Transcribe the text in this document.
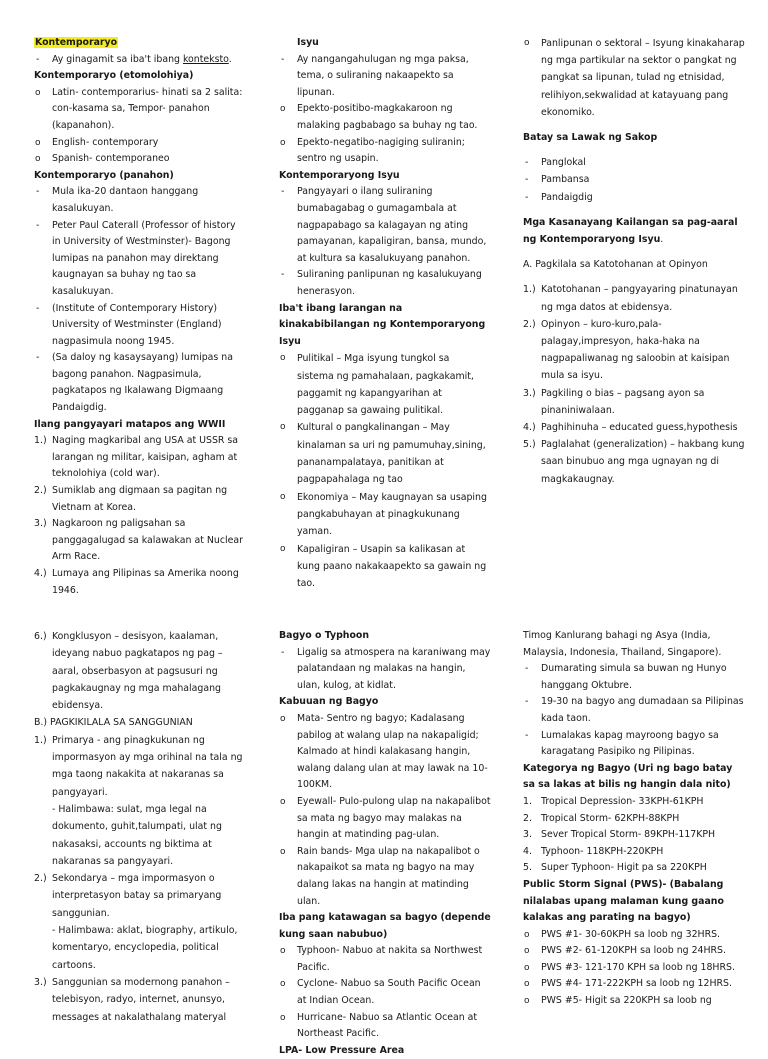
Kontemporaryo
- Ay ginagamit sa iba't ibang konteksto.
Kontemporaryo (etomolohiya)
o Latin- contemporarius- hinati sa 2 salita: con-kasama sa, Tempor- panahon (kapanahon).
o English- contemporary
o Spanish- contemporaneo
Kontemporaryo (panahon)
- Mula ika-20 dantaon hanggang kasalukuyan.
- Peter Paul Caterall (Professor of history in University of Westminster)- Bagong lumipas na panahon may direktang kaugnayan sa buhay ng tao sa kasalukuyan.
- (Institute of Contemporary History) University of Westminster (England) nagpasimula noong 1945.
- (Sa daloy ng kasaysayang) lumipas na bagong panahon. Nagpasimula, pagkatapos ng Ikalawang Digmaang Pandaigdig.
Ilang pangyayari matapos ang WWII
1.) Naging magkaribal ang USA at USSR sa larangan ng militar, kaisipan, agham at teknolohiya (cold war).
2.) Sumiklab ang digmaan sa pagitan ng Vietnam at Korea.
3.) Nagkaroon ng paligsahan sa panggagalugad sa kalawakan at Nuclear Arm Race.
4.) Lumaya ang Pilipinas sa Amerika noong 1946.
Isyu
- Ay nangangahulugan ng mga paksa, tema, o suliraning nakaapekto sa lipunan.
o Epekto-positibo-magkakaroon ng malaking pagbabago sa buhay ng tao.
o Epekto-negatibo-nagiging suliranin; sentro ng usapin.
Kontemporaryong Isyu
- Pangyayari o ilang suliraning bumabagabag o gumagambala at nagpapabago sa kalagayan ng ating pamayanan, kapaligiran, bansa, mundo, at kultura sa kasalukuyang panahon.
- Suliraning panlipunan ng kasalukuyang henerasyon.
Iba't ibang larangan na kinakabibilangan ng Kontemporaryong Isyu
o Pulitikal – Mga isyung tungkol sa sistema ng pamahalaan, pagkakamit, paggamit ng kapangyarihan at pagganap sa gawaing pulitikal.
o Kultural o pangkalinangan – May kinalaman sa uri ng pamumuhay,sining, pananampalataya, panitikan at pagpapahalaga ng tao
o Ekonomiya – May kaugnayan sa usaping pangkabuhayan at pinagkukunang yaman.
o Kapaligiran – Usapin sa kalikasan at kung paano nakakaapekto sa gawain ng tao.
o Panlipunan o sektoral – Isyung kinakaharap ng mga partikular na sektor o pangkat ng pangkat sa lipunan, tulad ng etnisidad, relihiyon,sekwalidad at katayuang pang ekonomiko.
Batay sa Lawak ng Sakop
- Panglokal
- Pambansa
- Pandaigdig
Mga Kasanayang Kailangan sa pag-aaral ng Kontemporaryong Isyu.
A. Pagkilala sa Katotohanan at Opinyon
1.) Katotohanan – pangyayaring pinatunayan ng mga datos at ebidensya.
2.) Opinyon – kuro-kuro,pala-palagay,impresyon, haka-haka na nagpapaliwanag ng saloobin at kaisipan mula sa isyu.
3.) Pagkiling o bias – pagsang ayon sa pinaniniwalaan.
4.) Paghihinuha – educated guess,hypothesis
5.) Paglalahat (generalization) – hakbang kung saan binubuo ang mga ugnayan ng di magkakaugnay.
6.) Kongklusyon – desisyon, kaalaman, ideyang nabuo pagkatapos ng pag – aaral, obserbasyon at pagsusuri ng pagkakaugnay ng mga mahalagang ebidensya.
B.) PAGKIKILALA SA SANGGUNIAN
1.) Primarya - ang pinagkukunan ng impormasyon ay mga orihinal na tala ng mga taong nakakita at nakaranas sa pangyayari.
- Halimbawa: sulat, mga legal na dokumento, guhit,talumpati, ulat ng nakasaksi, accounts ng biktima at nakaranas sa pangyayari.
2.) Sekondarya – mga impormasyon o interpretasyon batay sa primaryang sanggunian.
- Halimbawa: aklat, biography, artikulo, komentaryo, encyclopedia, political cartoons.
3.) Sanggunian sa modernong panahon – telebisyon, radyo, internet, anunsyo, messages at nakalathalang materyal
Bagyo o Typhoon
- Ligalig sa atmospera na karaniwang may palatandaan ng malakas na hangin, ulan, kulog, at kidlat.
Kabuuan ng Bagyo
o Mata- Sentro ng bagyo; Kadalasang pabilog at walang ulap na nakapaligid; Kalmado at hindi kalakasang hangin, walang dalang ulan at may lawak na 10-100KM.
o Eyewall- Pulo-pulong ulap na nakapalibot sa mata ng bagyo may malakas na hangin at matinding pag-ulan.
o Rain bands- Mga ulap na nakapalibot o nakapaikot sa mata ng bagyo na may dalang lakas na hangin at matinding ulan.
Iba pang katawagan sa bagyo (depende kung saan nabubuo)
o Typhoon- Nabuo at nakita sa Northwest Pacific.
o Cyclone- Nabuo sa South Pacific Ocean at Indian Ocean.
o Hurricane- Nabuo sa Atlantic Ocean at Northeast Pacific.
LPA- Low Pressure Area
Timog Kanlurang bahagi ng Asya (India, Malaysia, Indonesia, Thailand, Singapore).
- Dumarating simula sa buwan ng Hunyo hanggang Oktubre.
- 19-30 na bagyo ang dumadaan sa Pilipinas kada taon.
- Lumalakas kapag mayroong bagyo sa karagatang Pasipiko ng Pilipinas.
Kategorya ng Bagyo (Uri ng bago batay sa sa lakas at bilis ng hangin dala nito)
1. Tropical Depression- 33KPH-61KPH
2. Tropical Storm- 62KPH-88KPH
3. Sever Tropical Storm- 89KPH-117KPH
4. Typhoon- 118KPH-220KPH
5. Super Typhoon- Higit pa sa 220KPH
Public Storm Signal (PWS)- (Babalang nilalabas upang malaman kung gaano kalakas ang parating na bagyo)
o PWS #1- 30-60KPH sa loob ng 32HRS.
o PWS #2- 61-120KPH sa loob ng 24HRS.
o PWS #3- 121-170 KPH sa loob ng 18HRS.
o PWS #4- 171-222KPH sa loob ng 12HRS.
o PWS #5- Higit sa 220KPH sa loob ng
